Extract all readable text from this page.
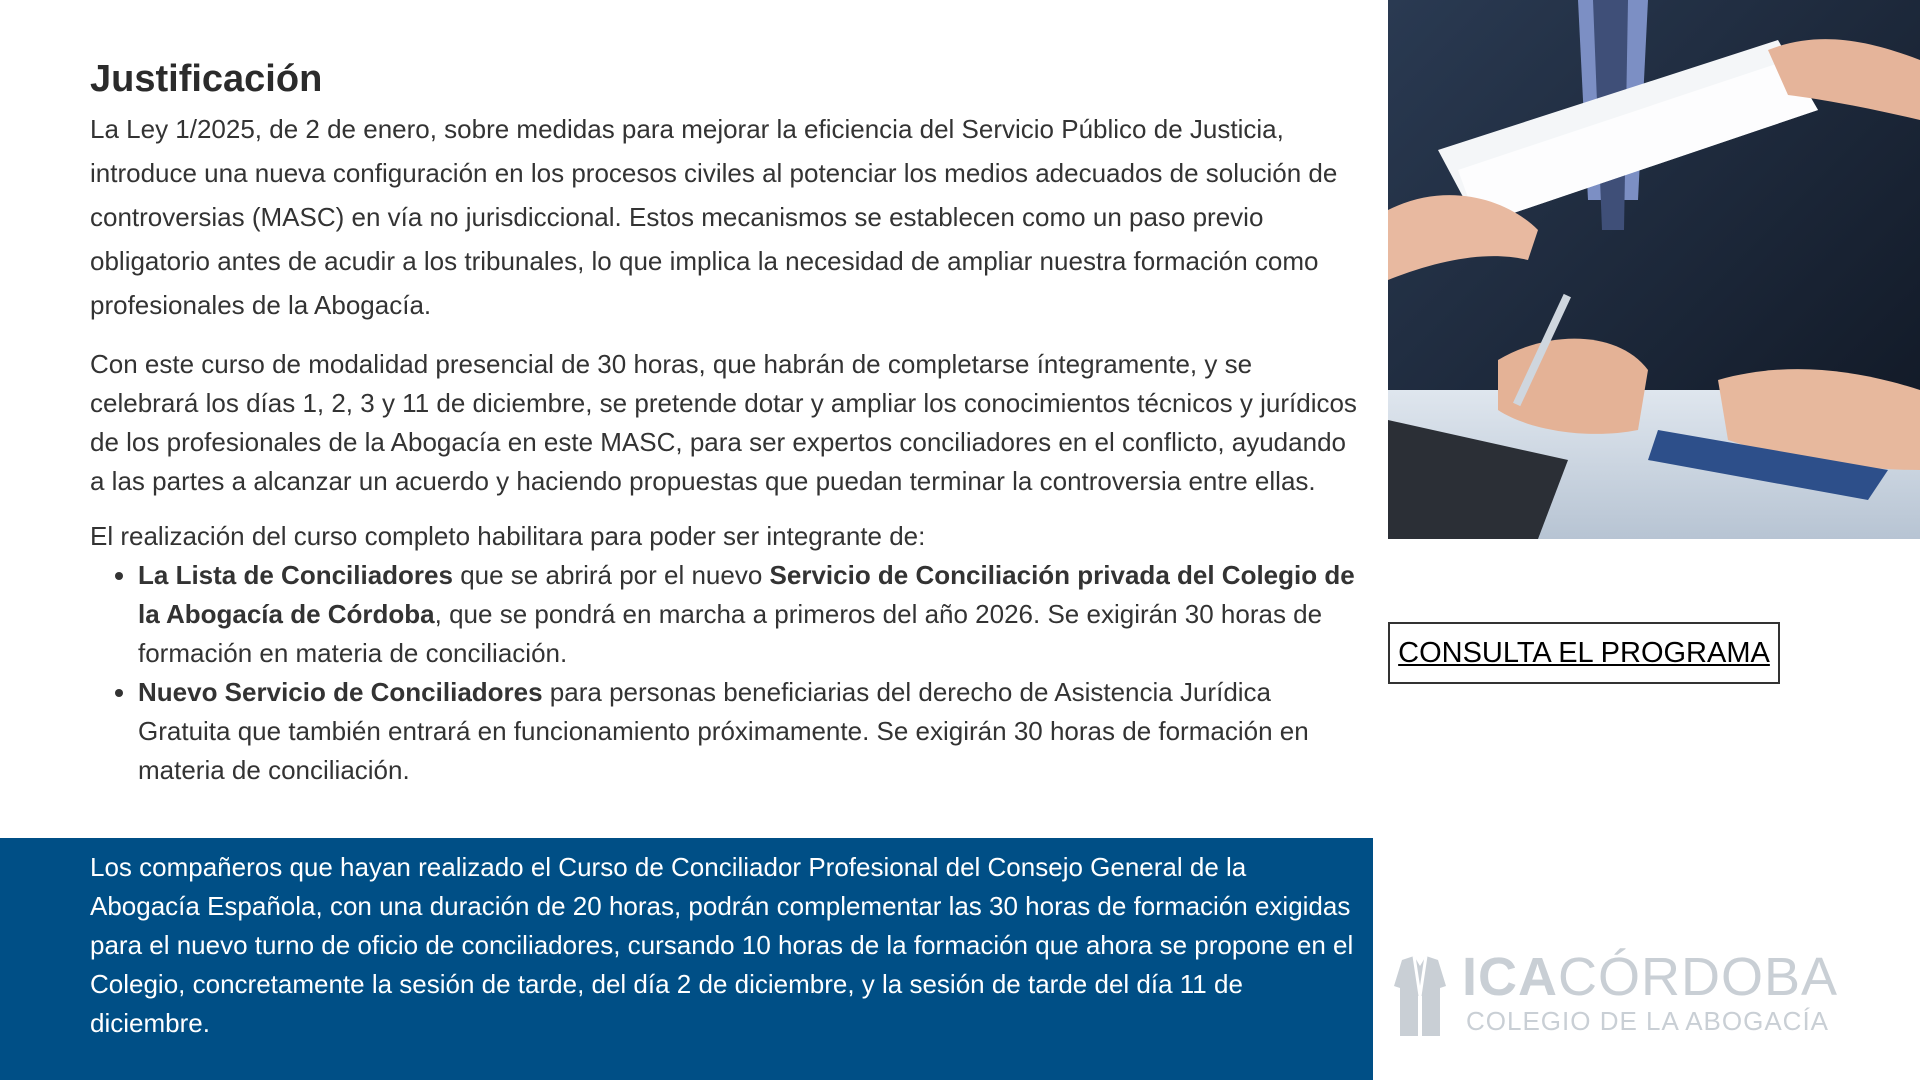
Justificación

La Ley 1/2025, de 2 de enero, sobre medidas para mejorar la eficiencia del Servicio Público de Justicia, introduce una nueva configuración en los procesos civiles al potenciar los medios adecuados de solución de controversias (MASC) en vía no jurisdiccional. Estos mecanismos se establecen como un paso previo obligatorio antes de acudir a los tribunales, lo que implica la necesidad de ampliar nuestra formación como profesionales de la Abogacía.

Con este curso de modalidad presencial de 30 horas, que habrán de completarse íntegramente, y se celebrará los días 1, 2, 3 y 11 de diciembre, se pretende dotar y ampliar los conocimientos técnicos y jurídicos de los profesionales de la Abogacía en este MASC, para ser expertos conciliadores en el conflicto, ayudando a las partes a alcanzar un acuerdo y haciendo propuestas que puedan terminar la controversia entre ellas.

El realización del curso completo habilitara para poder ser integrante de:

• La Lista de Conciliadores que se abrirá por el nuevo Servicio de Conciliación privada del Colegio de la Abogacía de Córdoba, que se pondrá en marcha a primeros del año 2026. Se exigirán 30 horas de formación en materia de conciliación.
• Nuevo Servicio de Conciliadores para personas beneficiarias del derecho de Asistencia Jurídica Gratuita que también entrará en funcionamiento próximamente. Se exigirán 30 horas de formación en materia de conciliación.

Los compañeros que hayan realizado el Curso de Conciliador Profesional del Consejo General de la Abogacía Española, con una duración de 20 horas, podrán complementar las 30 horas de formación exigidas para el nuevo turno de oficio de conciliadores, cursando 10 horas de la formación que ahora se propone en el Colegio, concretamente la sesión de tarde, del día 2 de diciembre, y la sesión de tarde del día 11 de diciembre.

CONSULTA EL PROGRAMA
ICACÓRDOBA
COLEGIO DE LA ABOGACÍA
